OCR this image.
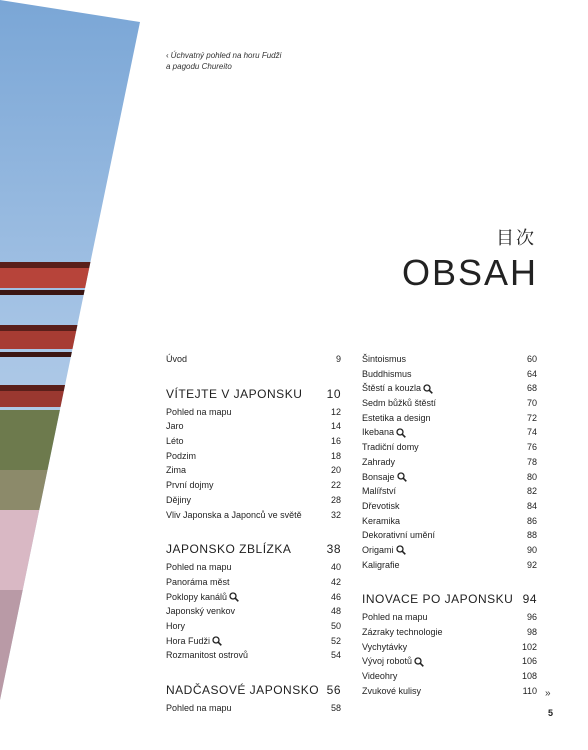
‹ Úchvatný pohled na horu Fudži a pagodu Chureito
目次
OBSAH
Úvod	9
VÍTEJTE V JAPONSKU 10
Pohled na mapu	12
Jaro	14
Léto	16
Podzim	18
Zima	20
První dojmy	22
Dějiny	28
Vliv Japonska a Japonců ve světě	32
JAPONSKO ZBLÍZKA	38
Pohled na mapu	40
Panoráma měst	42
Poklopy kanálů	46
Japonský venkov	48
Hory	50
Hora Fudži	52
Rozmanitost ostrovů	54
NADČASOVÉ JAPONSKO 56
Pohled na mapu	58
Šintoismus	60
Buddhismus	64
Štěstí a kouzla	68
Sedm bůžků štěstí	70
Estetika a design	72
Ikebana	74
Tradiční domy	76
Zahrady	78
Bonsaje	80
Malířství	82
Dřevotisk	84
Keramika	86
Dekorativní umění	88
Origami	90
Kaligrafie	92
INOVACE PO JAPONSKU 94
Pohled na mapu	96
Zázraky technologie	98
Vychytávky	102
Vývoj robotů	106
Videohry	108
Zvukové kulisy	110 »
5
